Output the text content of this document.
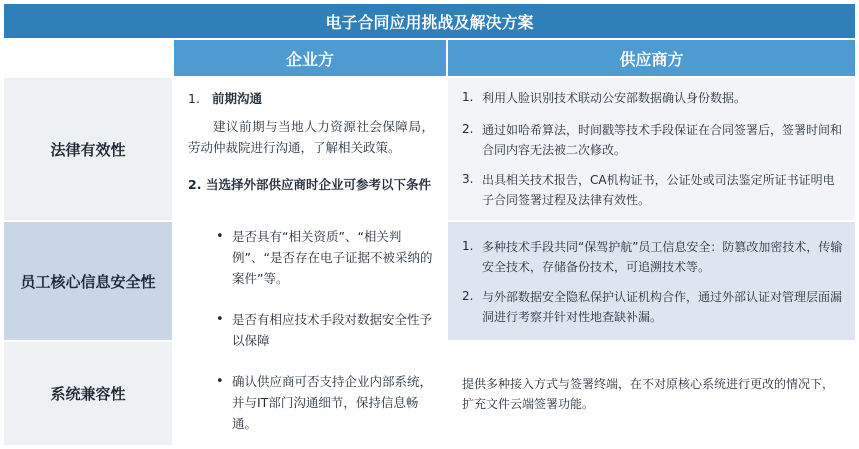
电子合同应用挑战及解决方案
企业方	供应商方
法律有效性
员工核心信息安全性
系统兼容性
1. 前期沟通
建议前期与当地人力资源社会保障局，劳动仲裁院进行沟通，了解相关政策。
2. 当选择外部供应商时企业可参考以下条件
• 是否具有“相关资质”、“相关判例”、“是否存在电子证据不被采纳的案件”等。
• 是否有相应技术手段对数据安全性予以保障
• 确认供应商可否支持企业内部系统，并与IT部门沟通细节，保持信息畅通。
1. 利用人脸识别技术联动公安部数据确认身份数据。
2. 通过如哈希算法，时间戳等技术手段保证在合同签署后，签署时间和合同内容无法被二次修改。
3. 出具相关技术报告，CA机构证书，公证处或司法鉴定所证书证明电子合同签署过程及法律有效性。
1. 多种技术手段共同“保驾护航”员工信息安全：防篡改加密技术，传输安全技术，存储备份技术，可追溯技术等。
2. 与外部数据安全隐私保护认证机构合作，通过外部认证对管理层面漏洞进行考察并针对性地查缺补漏。
提供多种接入方式与签署终端，在不对原核心系统进行更改的情况下，扩充文件云端签署功能。
